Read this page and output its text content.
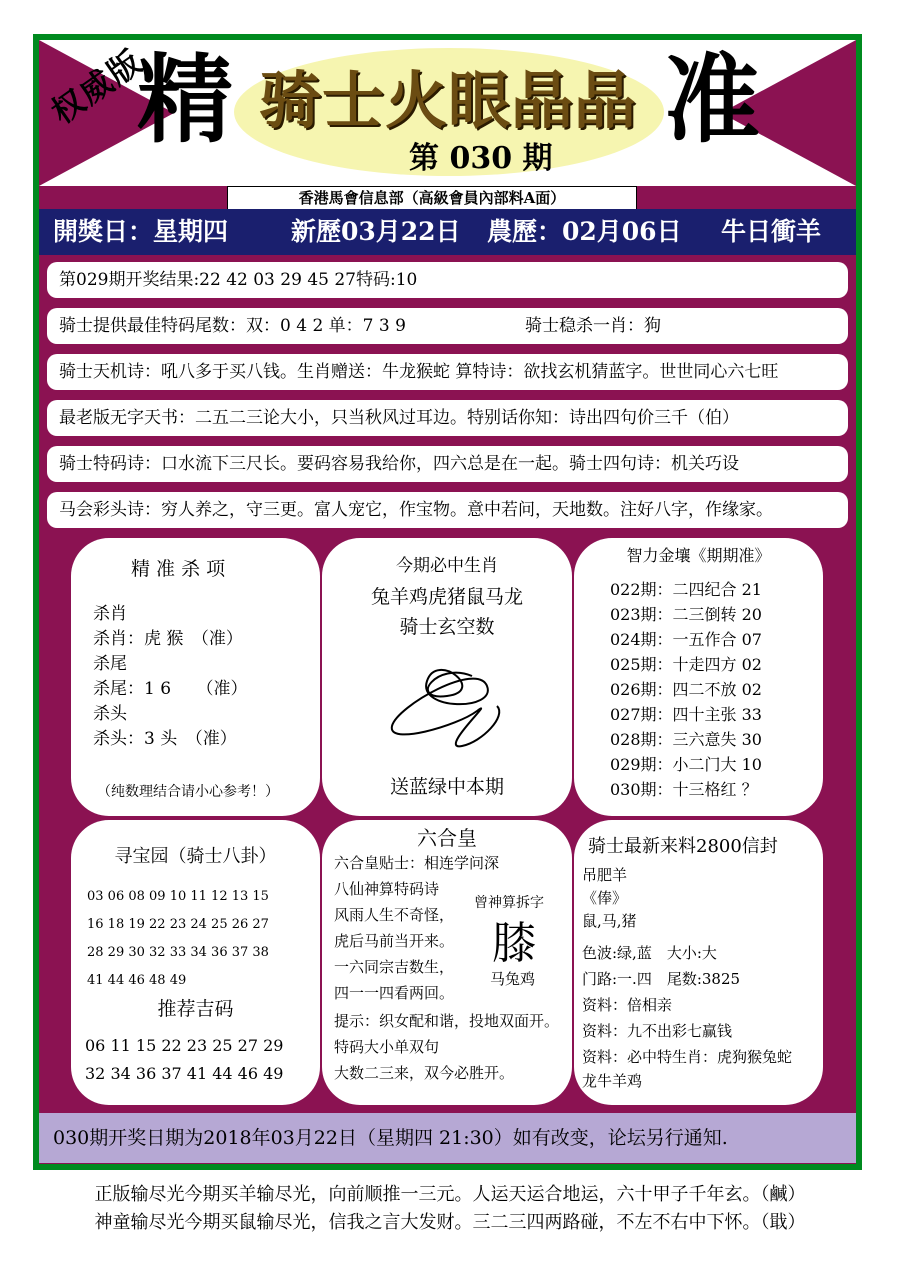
权威版
精	准
骑士火眼晶晶
第 030 期
香港馬會信息部（高級會員內部料A面）
開獎日：星期四	新歷03月22日 農歷：02月06日 牛日衝羊
第029期开奖结果:22 42 03 29 45 27特码:10
骑士提供最佳特码尾数：双：0 4 2 单：7 3 9	骑士稳杀一肖：狗
骑士天机诗：吼八多于买八钱。生肖赠送：牛龙猴蛇 算特诗：欲找玄机猜蓝字。世世同心六七旺
最老版无字天书：二五二三论大小，只当秋风过耳边。特别话你知：诗出四句价三千（伯）
骑士特码诗：口水流下三尺长。要码容易我给你，四六总是在一起。骑士四句诗：机关巧设
马会彩头诗：穷人养之，守三更。富人宠它，作宝物。意中若问，天地数。注好八字，作缘家。
精 准 杀 项
杀肖
杀肖：虎 猴　（准）
杀尾
杀尾：1 6　　（准）
杀头
杀头：3 头　（准）
（纯数理结合请小心参考！）
今期必中生肖
兔羊鸡虎猪鼠马龙
骑士玄空数
送蓝绿中本期
智力金壤《期期准》
022期：二四纪合 21
023期：二三倒转 20
024期：一五作合 07
025期：十走四方 02
026期：四二不放 02
027期：四十主张 33
028期：三六意失 30
029期：小二门大 10
030期：十三格红 ？
寻宝园（骑士八卦）
03 06 08 09 10 11 12 13 15
16 18 19 22 23 24 25 26 27
28 29 30 32 33 34 36 37 38
41 44 46 48 49
推荐吉码
06 11 15 22 23 25 27 29
32 34 36 37 41 44 46 49
六合皇
六合皇贴士：相连学问深
八仙神算特码诗
风雨人生不奇怪，
虎后马前当开来。
一六同宗吉数生，
四一一四看两回。
曾神算拆字
膝
马兔鸡
提示：织女配和谐，投地双面开。
特码大小单双句
大数二三来，双今必胜开。
骑士最新来料2800信封
吊肥羊
《俸》
鼠,马,猪
色波:绿,蓝　大小:大
门路:一.四　尾数:3825
资料：倍相亲
资料：九不出彩七赢钱
资料：必中特生肖：虎狗猴兔蛇
龙牛羊鸡
030期开奖日期为2018年03月22日（星期四 21:30）如有改变，论坛另行通知.
正版输尽光今期买羊输尽光，向前顺推一三元。人运天运合地运，六十甲子千年玄。（鹹）
神童输尽光今期买鼠输尽光，信我之言大发财。三二三四两路碰，不左不右中下怀。（戢）
